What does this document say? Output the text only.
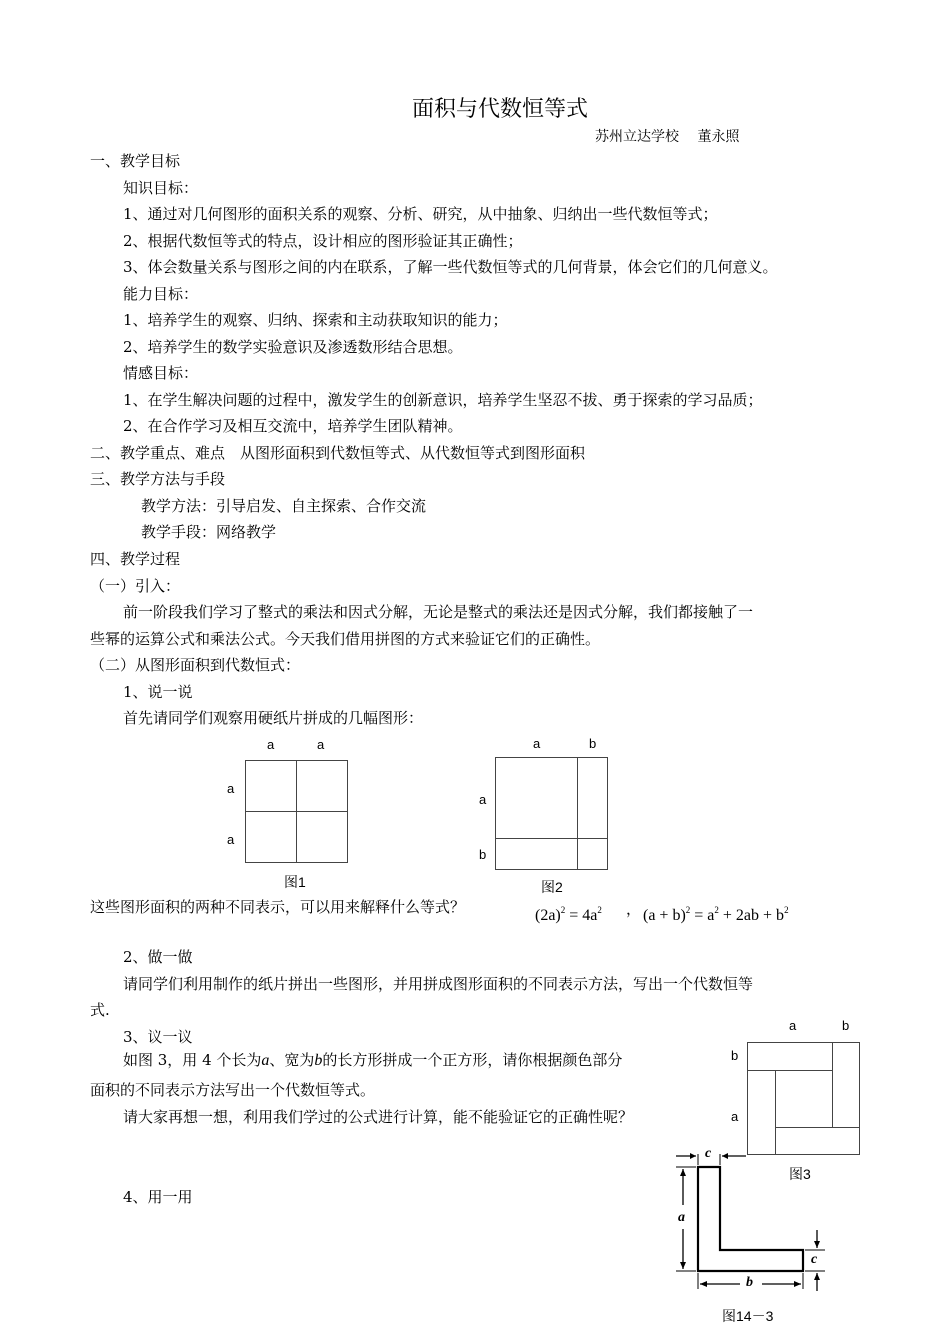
面积与代数恒等式
苏州立达学校　 董永照
一、教学目标
知识目标：
1、通过对几何图形的面积关系的观察、分析、研究，从中抽象、归纳出一些代数恒等式；
2、根据代数恒等式的特点，设计相应的图形验证其正确性；
3、体会数量关系与图形之间的内在联系，了解一些代数恒等式的几何背景，体会它们的几何意义。
能力目标：
1、培养学生的观察、归纳、探索和主动获取知识的能力；
2、培养学生的数学实验意识及渗透数形结合思想。
情感目标：
1、在学生解决问题的过程中，激发学生的创新意识，培养学生坚忍不拔、勇于探索的学习品质；
2、在合作学习及相互交流中，培养学生团队精神。
二、教学重点、难点　从图形面积到代数恒等式、从代数恒等式到图形面积
三、教学方法与手段
教学方法：引导启发、自主探索、合作交流
教学手段：网络教学
四、教学过程
（一）引入：
前一阶段我们学习了整式的乘法和因式分解，无论是整式的乘法还是因式分解，我们都接触了一
些幂的运算公式和乘法公式。今天我们借用拼图的方式来验证它们的正确性。
（二）从图形面积到代数恒式：
1、说一说
首先请同学们观察用硬纸片拼成的几幅图形：
a	a
a
a
图1
a	b
a
b
图2
这些图形面积的两种不同表示，可以用来解释什么等式？	$(2a)^2 = 4a^2$ ， $(a + b)^2 = a^2 + 2ab + b^2$
2、做一做
请同学们利用制作的纸片拼出一些图形，并用拼成图形面积的不同表示方法，写出一个代数恒等
式.
3、议一议
如图 3，用 4 个长为a、宽为b的长方形拼成一个正方形，请你根据颜色部分
面积的不同表示方法写出一个代数恒等式。
请大家再想一想，利用我们学过的公式进行计算，能不能验证它的正确性呢？
4、用一用
a	b
b
a
图3
c
a
b
c
图14－3
